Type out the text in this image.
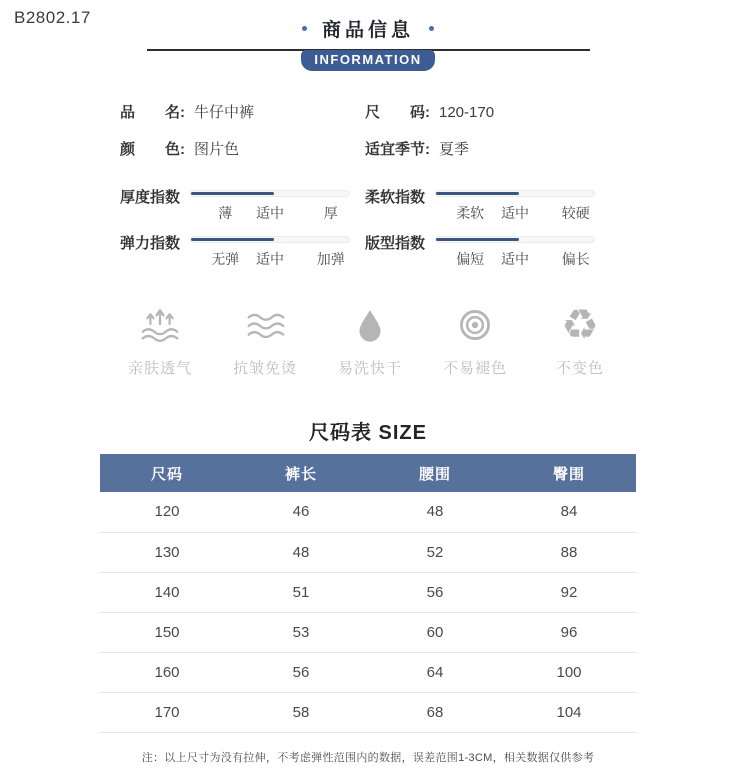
B2802.17
商品信息
INFORMATION
品　　名: 牛仔中裤	尺　　码: 120-170
颜　　色: 图片色	适宜季节: 夏季
厚度指数
薄 适中	厚
柔软指数
柔软 适中 较硬
弹力指数
无弹 适中 加弹
版型指数
偏短 适中 偏长
亲肤透气	抗皱免烫	易洗快干	不易褪色
♻
不变色
尺码表 SIZE
尺码	裤长	腰围	臀围
120	46	48	84
130	48	52	88
140	51	56	92
150	53	60	96
160	56	64	100
170	58	68	104
注：以上尺寸为没有拉伸，不考虑弹性范围内的数据，误差范围1-3CM，相关数据仅供参考
